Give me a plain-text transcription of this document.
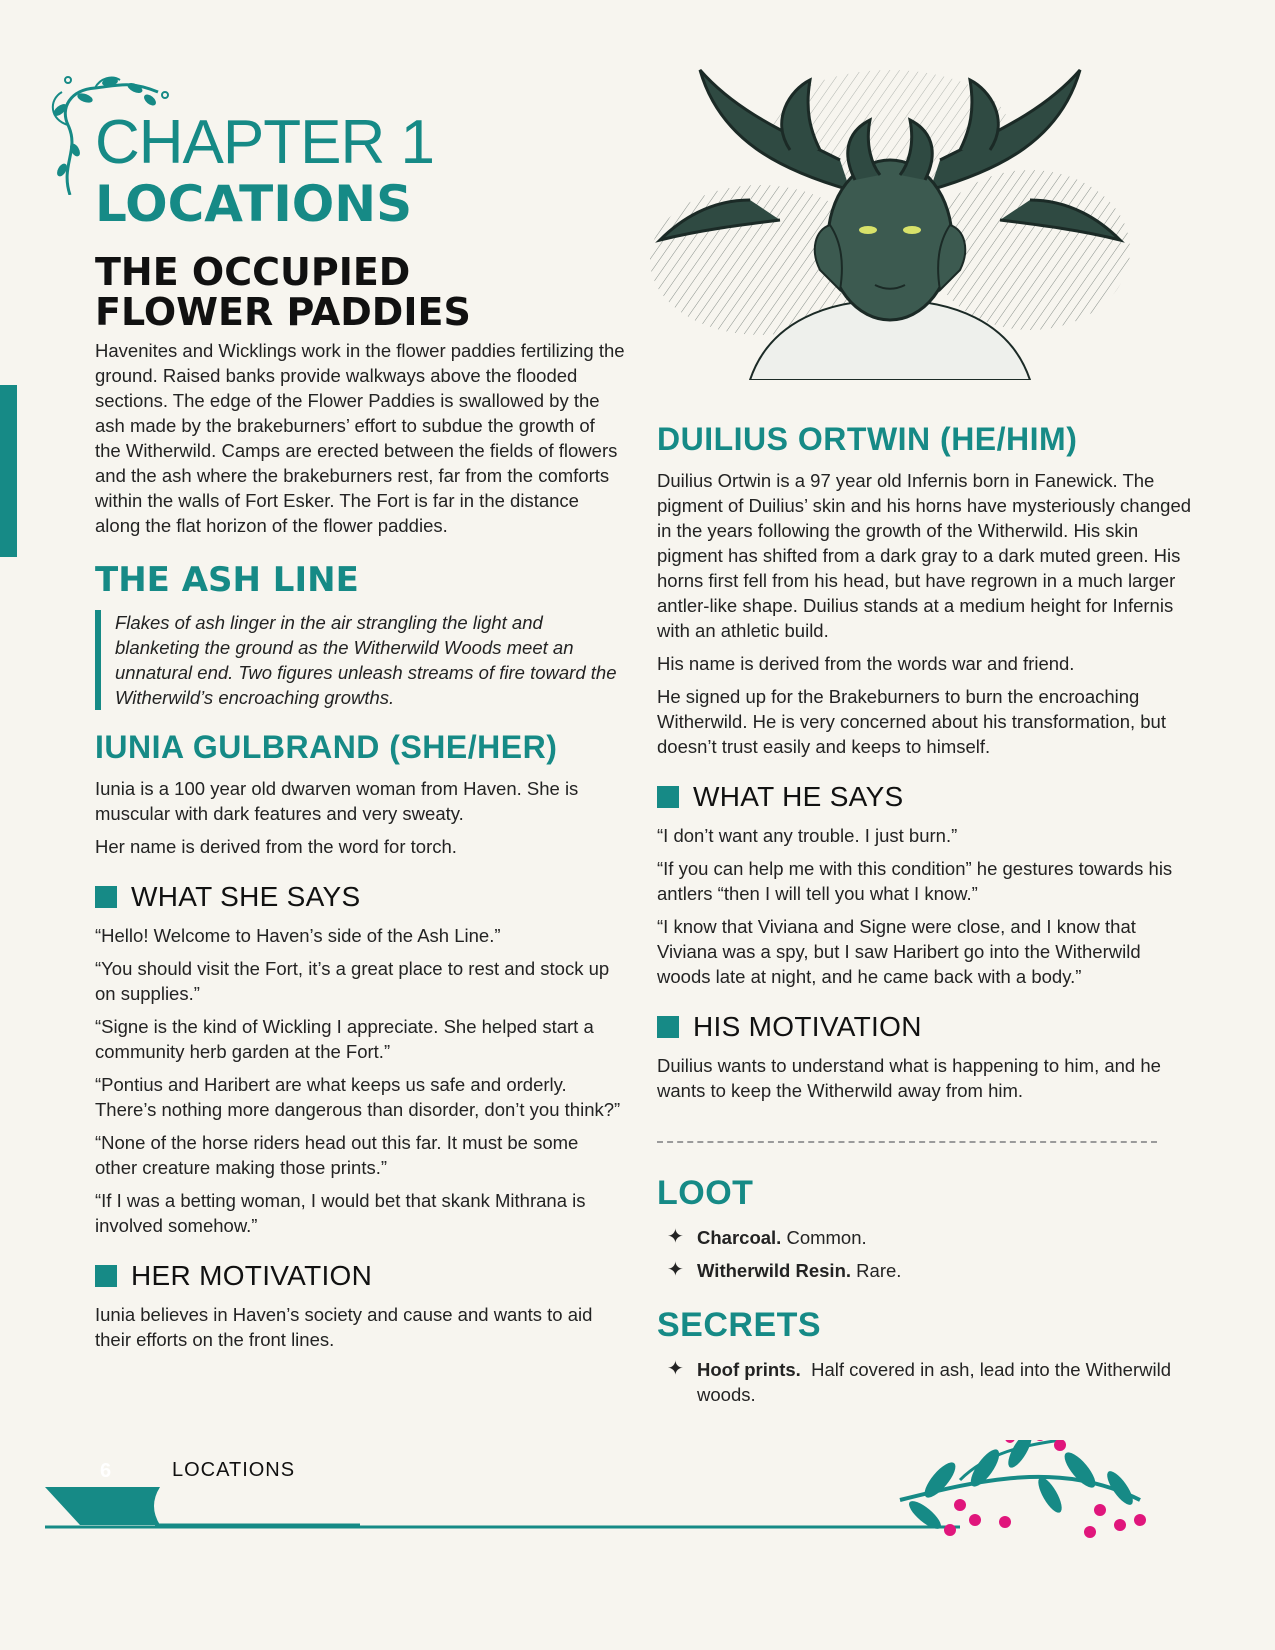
CHAPTER 1
LOCATIONS
THE OCCUPIED
FLOWER PADDIES

Havenites and Wicklings work in the flower paddies fertilizing the ground. Raised banks provide walkways above the flooded sections. The edge of the Flower Paddies is swallowed by the ash made by the brakeburners’ effort to subdue the growth of the Witherwild. Camps are erected between the fields of flowers and the ash where the brakeburners rest, far from the comforts within the walls of Fort Esker. The Fort is far in the distance along the flat horizon of the flower paddies.

THE ASH LINE

Flakes of ash linger in the air strangling the light and blanketing the ground as the Witherwild Woods meet an unnatural end. Two figures unleash streams of fire toward the Witherwild’s encroaching growths.

IUNIA GULBRAND (SHE/HER)

Iunia is a 100 year old dwarven woman from Haven. She is muscular with dark features and very sweaty.

Her name is derived from the word for torch.

WHAT SHE SAYS

“Hello! Welcome to Haven’s side of the Ash Line.”

“You should visit the Fort, it’s a great place to rest and stock up on supplies.”

“Signe is the kind of Wickling I appreciate. She helped start a community herb garden at the Fort.”

“Pontius and Haribert are what keeps us safe and orderly. There’s nothing more dangerous than disorder, don’t you think?”

“None of the horse riders head out this far. It must be some other creature making those prints.”

“If I was a betting woman, I would bet that skank Mithrana is involved somehow.”

HER MOTIVATION

Iunia believes in Haven’s society and cause and wants to aid their efforts on the front lines.

DUILIUS ORTWIN (HE/HIM)

Duilius Ortwin is a 97 year old Infernis born in Fanewick. The pigment of Duilius’ skin and his horns have mysteriously changed in the years following the growth of the Witherwild. His skin pigment has shifted from a dark gray to a dark muted green. His horns first fell from his head, but have regrown in a much larger antler-like shape. Duilius stands at a medium height for Infernis with an athletic build.

His name is derived from the words war and friend.

He signed up for the Brakeburners to burn the encroaching Witherwild. He is very concerned about his transformation, but doesn’t trust easily and keeps to himself.

WHAT HE SAYS

“I don’t want any trouble. I just burn.”

“If you can help me with this condition” he gestures towards his antlers “then I will tell you what I know.”

“I know that Viviana and Signe were close, and I know that Viviana was a spy, but I saw Haribert go into the Witherwild woods late at night, and he came back with a body.”

HIS MOTIVATION

Duilius wants to understand what is happening to him, and he wants to keep the Witherwild away from him.

LOOT
✦ Charcoal. Common.
✦ Witherwild Resin. Rare.
SECRETS
✦ Hoof prints. Half covered in ash, lead into the Witherwild woods.
6	LOCATIONS
